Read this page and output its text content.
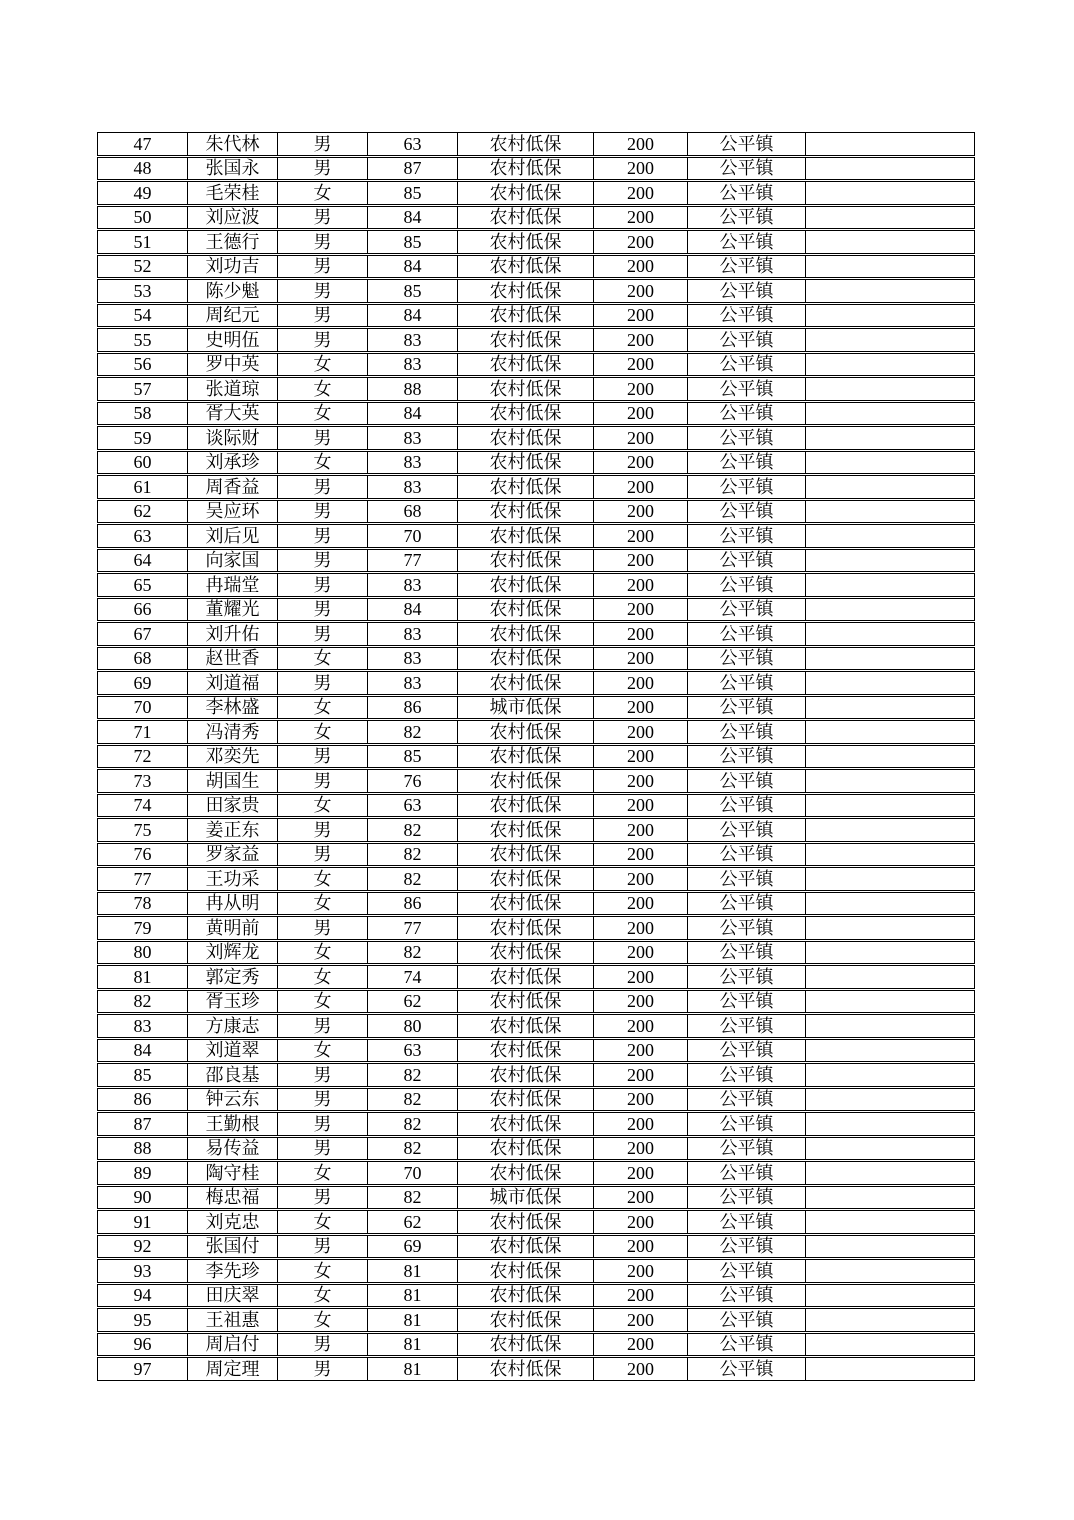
47	朱代林	男	63	农村低保	200	公平镇
48	张国永	男	87	农村低保	200	公平镇
49	毛荣桂	女	85	农村低保	200	公平镇
50	刘应波	男	84	农村低保	200	公平镇
51	王德行	男	85	农村低保	200	公平镇
52	刘功吉	男	84	农村低保	200	公平镇
53	陈少魁	男	85	农村低保	200	公平镇
54	周纪元	男	84	农村低保	200	公平镇
55	史明伍	男	83	农村低保	200	公平镇
56	罗中英	女	83	农村低保	200	公平镇
57	张道琼	女	88	农村低保	200	公平镇
58	胥大英	女	84	农村低保	200	公平镇
59	谈际财	男	83	农村低保	200	公平镇
60	刘承珍	女	83	农村低保	200	公平镇
61	周香益	男	83	农村低保	200	公平镇
62	吴应环	男	68	农村低保	200	公平镇
63	刘后见	男	70	农村低保	200	公平镇
64	向家国	男	77	农村低保	200	公平镇
65	冉瑞堂	男	83	农村低保	200	公平镇
66	董耀光	男	84	农村低保	200	公平镇
67	刘升佑	男	83	农村低保	200	公平镇
68	赵世香	女	83	农村低保	200	公平镇
69	刘道福	男	83	农村低保	200	公平镇
70	李林盛	女	86	城市低保	200	公平镇
71	冯清秀	女	82	农村低保	200	公平镇
72	邓奕先	男	85	农村低保	200	公平镇
73	胡国生	男	76	农村低保	200	公平镇
74	田家贵	女	63	农村低保	200	公平镇
75	姜正东	男	82	农村低保	200	公平镇
76	罗家益	男	82	农村低保	200	公平镇
77	王功采	女	82	农村低保	200	公平镇
78	冉从明	女	86	农村低保	200	公平镇
79	黄明前	男	77	农村低保	200	公平镇
80	刘辉龙	女	82	农村低保	200	公平镇
81	郭定秀	女	74	农村低保	200	公平镇
82	胥玉珍	女	62	农村低保	200	公平镇
83	方康志	男	80	农村低保	200	公平镇
84	刘道翠	女	63	农村低保	200	公平镇
85	邵良基	男	82	农村低保	200	公平镇
86	钟云东	男	82	农村低保	200	公平镇
87	王勤根	男	82	农村低保	200	公平镇
88	易传益	男	82	农村低保	200	公平镇
89	陶守桂	女	70	农村低保	200	公平镇
90	梅忠福	男	82	城市低保	200	公平镇
91	刘克忠	女	62	农村低保	200	公平镇
92	张国付	男	69	农村低保	200	公平镇
93	李先珍	女	81	农村低保	200	公平镇
94	田庆翠	女	81	农村低保	200	公平镇
95	王祖惠	女	81	农村低保	200	公平镇
96	周启付	男	81	农村低保	200	公平镇
97	周定理	男	81	农村低保	200	公平镇
